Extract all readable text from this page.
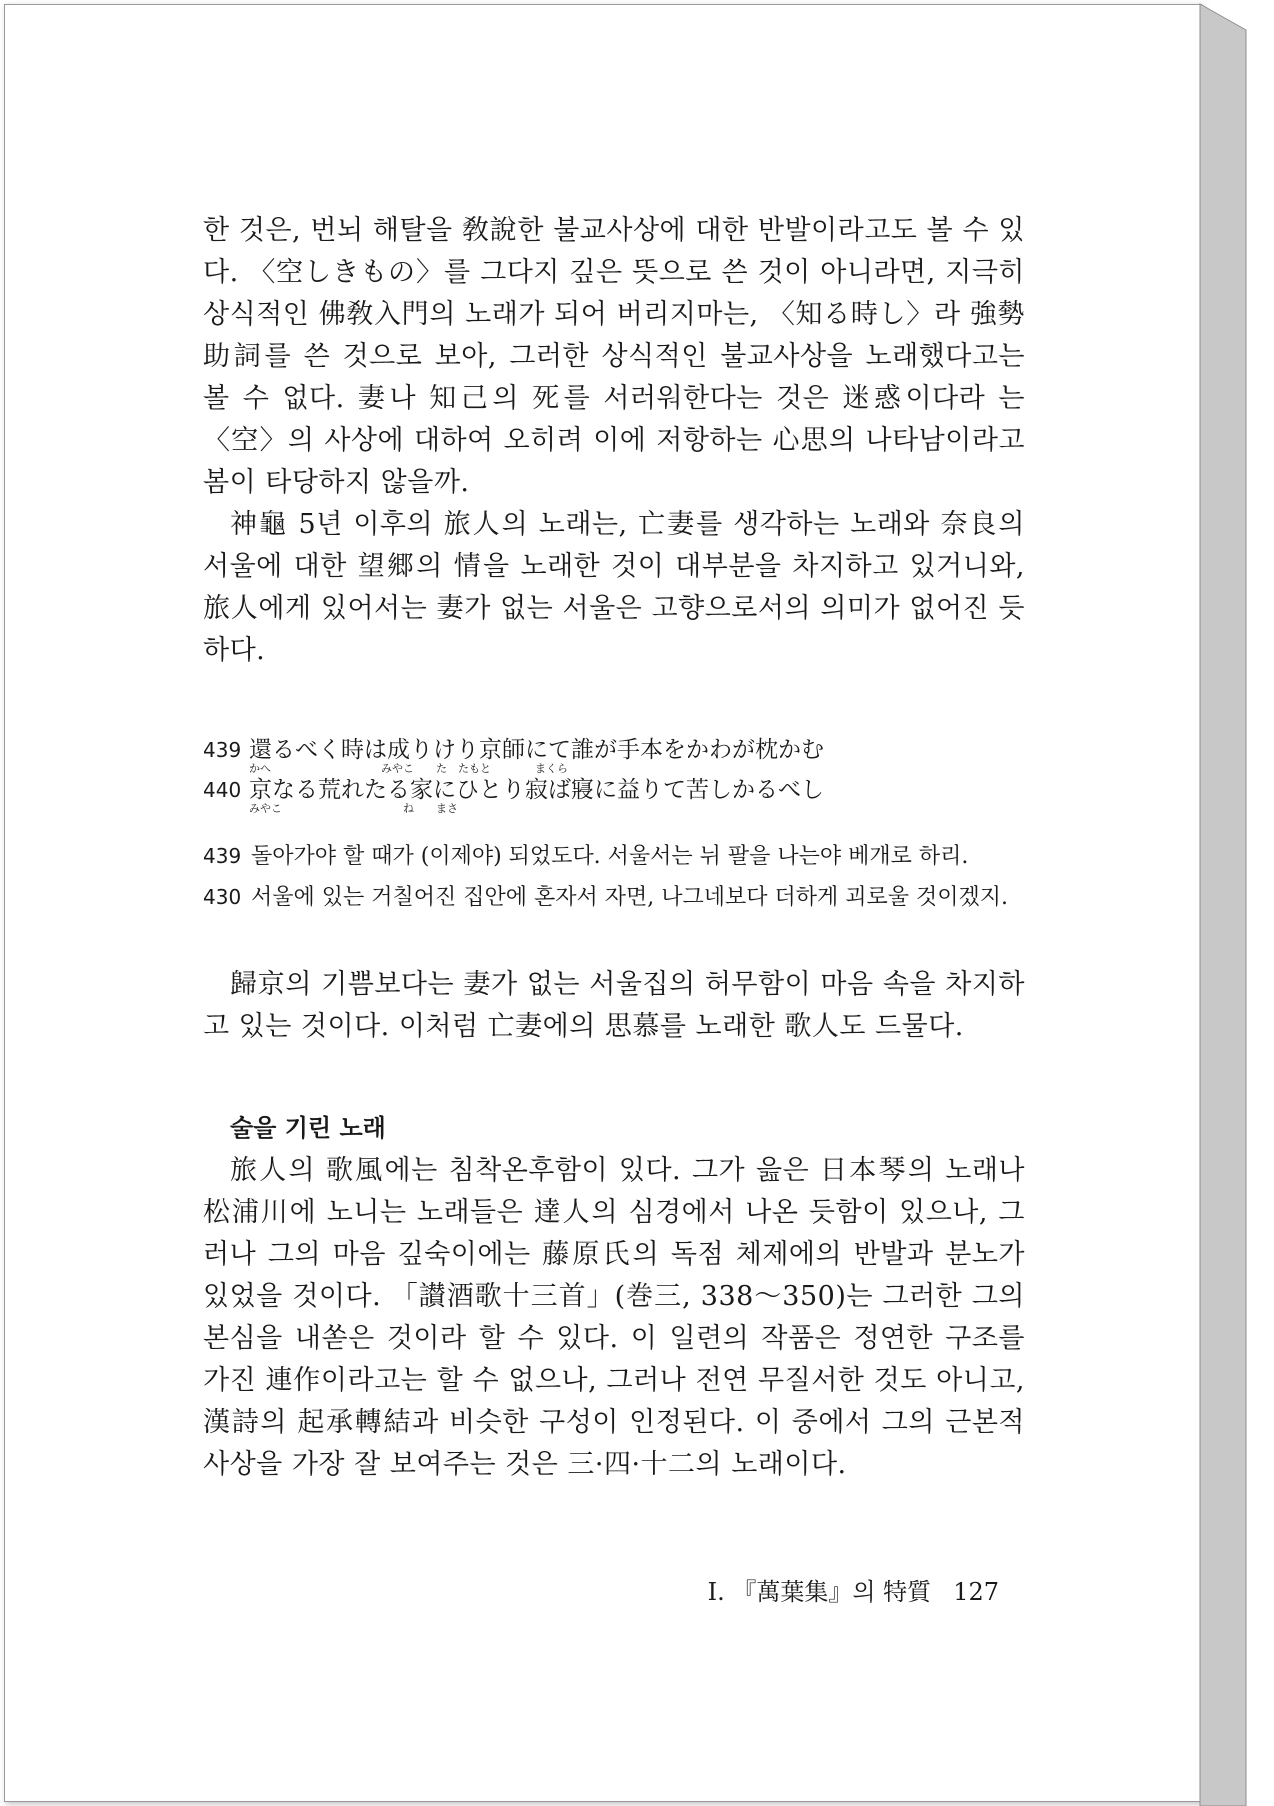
한 것은, 번뇌 해탈을 敎說한 불교사상에 대한 반발이라고도 볼 수 있다. 〈空しきもの〉를 그다지 깊은 뜻으로 쓴 것이 아니라면, 지극히 상식적인 佛敎入門의 노래가 되어 버리지마는, 〈知る時し〉라 強勢助詞를 쓴 것으로 보아, 그러한 상식적인 불교사상을 노래했다고는 볼 수 없다. 妻나 知己의 死를 서러워한다는 것은 迷惑이다라 는 〈空〉의 사상에 대하여 오히려 이에 저항하는 心思의 나타남이라고 봄이 타당하지 않을까.

神龜 5년 이후의 旅人의 노래는, 亡妻를 생각하는 노래와 奈良의 서울에 대한 望郷의 情을 노래한 것이 대부분을 차지하고 있거니와, 旅人에게 있어서는 妻가 없는 서울은 고향으로서의 의미가 없어진 듯하다.

439 還るべく時は成りけり京師にて誰が手本をかわが枕かむ

かへ　　　　　　　　　　みやこ　　た　たもと　　　　まくら

440 京なる荒れたる家にひとり寂ば寢に益りて苦しかるべし

みやこ　　　　　　　　　　　ね　　まさ

439 돌아가야 할 때가 (이제야) 되었도다. 서울서는 뉘 팔을 나는야 베개로 하리.

430 서울에 있는 거칠어진 집안에 혼자서 자면, 나그네보다 더하게 괴로울 것이겠지.

歸京의 기쁨보다는 妻가 없는 서울집의 허무함이 마음 속을 차지하고 있는 것이다. 이처럼 亡妻에의 思慕를 노래한 歌人도 드물다.

술을 기린 노래

旅人의 歌風에는 침착온후함이 있다. 그가 읊은 日本琴의 노래나 松浦川에 노니는 노래들은 達人의 심경에서 나온 듯함이 있으나, 그러나 그의 마음 깊숙이에는 藤原氏의 독점 체제에의 반발과 분노가 있었을 것이다. 「讃酒歌十三首」(巻三, 338〜350)는 그러한 그의 본심을 내쏟은 것이라 할 수 있다. 이 일련의 작품은 정연한 구조를 가진 連作이라고는 할 수 없으나, 그러나 전연 무질서한 것도 아니고, 漢詩의 起承轉結과 비슷한 구성이 인정된다. 이 중에서 그의 근본적 사상을 가장 잘 보여주는 것은 三·四·十二의 노래이다.

I. 『萬葉集』의 特質 127
